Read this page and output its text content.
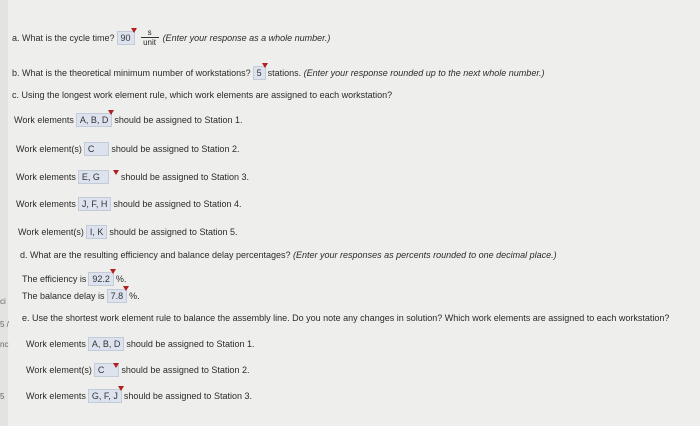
ci
5 /
nc
5
a. What is the cycle time? 90	$\frac{s}{\text{unit}}$ (Enter your response as a whole number.)
b. What is the theoretical minimum number of workstations? 5 stations.
(Enter your response rounded up to the next whole number.)
c. Using the longest work element rule, which work elements are assigned to each workstation?
Work elements A, B, D should be assigned to Station 1.
Work element(s) C	should be assigned to Station 2.
Work elements E, G	should be assigned to Station 3.
Work elements J, F, H should be assigned to Station 4.
Work element(s) I, K should be assigned to Station 5.
d. What are the resulting efficiency and balance delay percentages?
(Enter your responses as percents rounded to one decimal place.)
The efficiency is 92.2 %.
The balance delay is 7.8 %.
e. Use the shortest work element rule to balance the assembly line. Do you note any changes in solution? Which work elements are assigned to each workstation?
Work elements A, B, D should be assigned to Station 1.
Work element(s) C	should be assigned to Station 2.
Work elements G, F, J should be assigned to Station 3.
